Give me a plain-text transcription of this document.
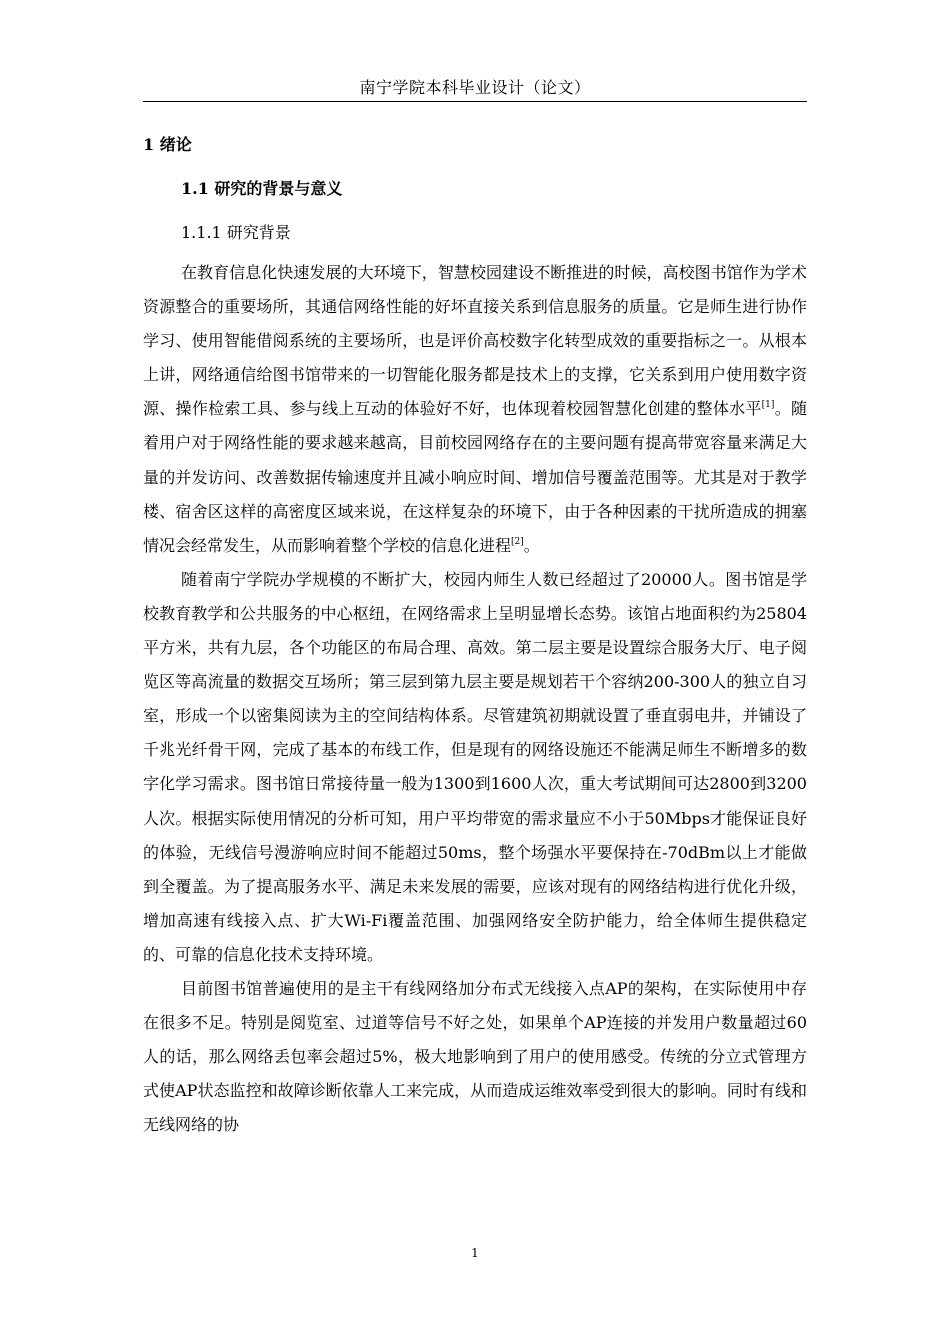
南宁学院本科毕业设计（论文）
1 绪论
1.1 研究的背景与意义
1.1.1 研究背景

在教育信息化快速发展的大环境下，智慧校园建设不断推进的时候，高校图书馆作为学术资源整合的重要场所，其通信网络性能的好坏直接关系到信息服务的质量。它是师生进行协作学习、使用智能借阅系统的主要场所，也是评价高校数字化转型成效的重要指标之一。从根本上讲，网络通信给图书馆带来的一切智能化服务都是技术上的支撑，它关系到用户使用数字资源、操作检索工具、参与线上互动的体验好不好，也体现着校园智慧化创建的整体水平[1]。随着用户对于网络性能的要求越来越高，目前校园网络存在的主要问题有提高带宽容量来满足大量的并发访问、改善数据传输速度并且减小响应时间、增加信号覆盖范围等。尤其是对于教学楼、宿舍区这样的高密度区域来说，在这样复杂的环境下，由于各种因素的干扰所造成的拥塞情况会经常发生，从而影响着整个学校的信息化进程[2]。

随着南宁学院办学规模的不断扩大，校园内师生人数已经超过了20000人。图书馆是学校教育教学和公共服务的中心枢纽，在网络需求上呈明显增长态势。该馆占地面积约为25804平方米，共有九层，各个功能区的布局合理、高效。第二层主要是设置综合服务大厅、电子阅览区等高流量的数据交互场所；第三层到第九层主要是规划若干个容纳200-300人的独立自习室，形成一个以密集阅读为主的空间结构体系。尽管建筑初期就设置了垂直弱电井，并铺设了千兆光纤骨干网，完成了基本的布线工作，但是现有的网络设施还不能满足师生不断增多的数字化学习需求。图书馆日常接待量一般为1300到1600人次，重大考试期间可达2800到3200人次。根据实际使用情况的分析可知，用户平均带宽的需求量应不小于50Mbps才能保证良好的体验，无线信号漫游响应时间不能超过50ms，整个场强水平要保持在-70dBm以上才能做到全覆盖。为了提高服务水平、满足未来发展的需要，应该对现有的网络结构进行优化升级，增加高速有线接入点、扩大Wi-Fi覆盖范围、加强网络安全防护能力，给全体师生提供稳定的、可靠的信息化技术支持环境。

目前图书馆普遍使用的是主干有线网络加分布式无线接入点AP的架构，在实际使用中存在很多不足。特别是阅览室、过道等信号不好之处，如果单个AP连接的并发用户数量超过60人的话，那么网络丢包率会超过5%，极大地影响到了用户的使用感受。传统的分立式管理方式使AP状态监控和故障诊断依靠人工来完成，从而造成运维效率受到很大的影响。同时有线和无线网络的协

1
